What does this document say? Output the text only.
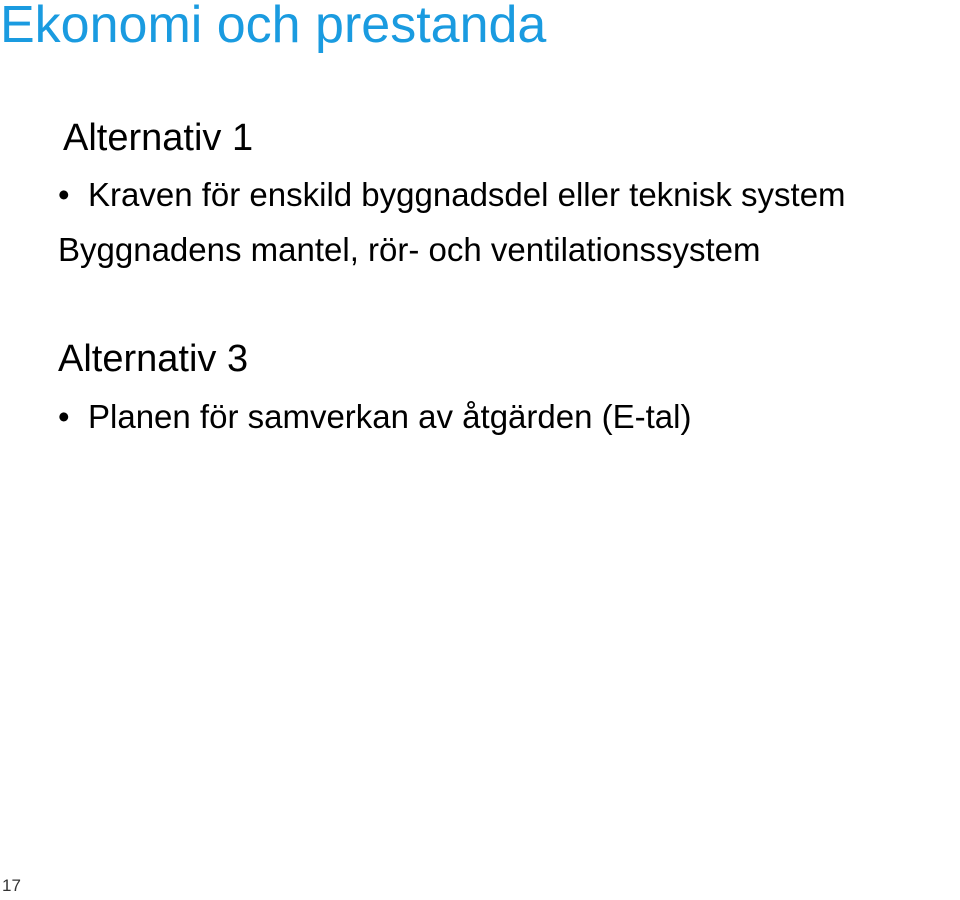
Ekonomi och prestanda
Alternativ 1

• Kraven för enskild byggnadsdel eller teknisk system

Byggnadens mantel, rör- och ventilationssystem

Alternativ 3

• Planen för samverkan av åtgärden (E-tal)

17
